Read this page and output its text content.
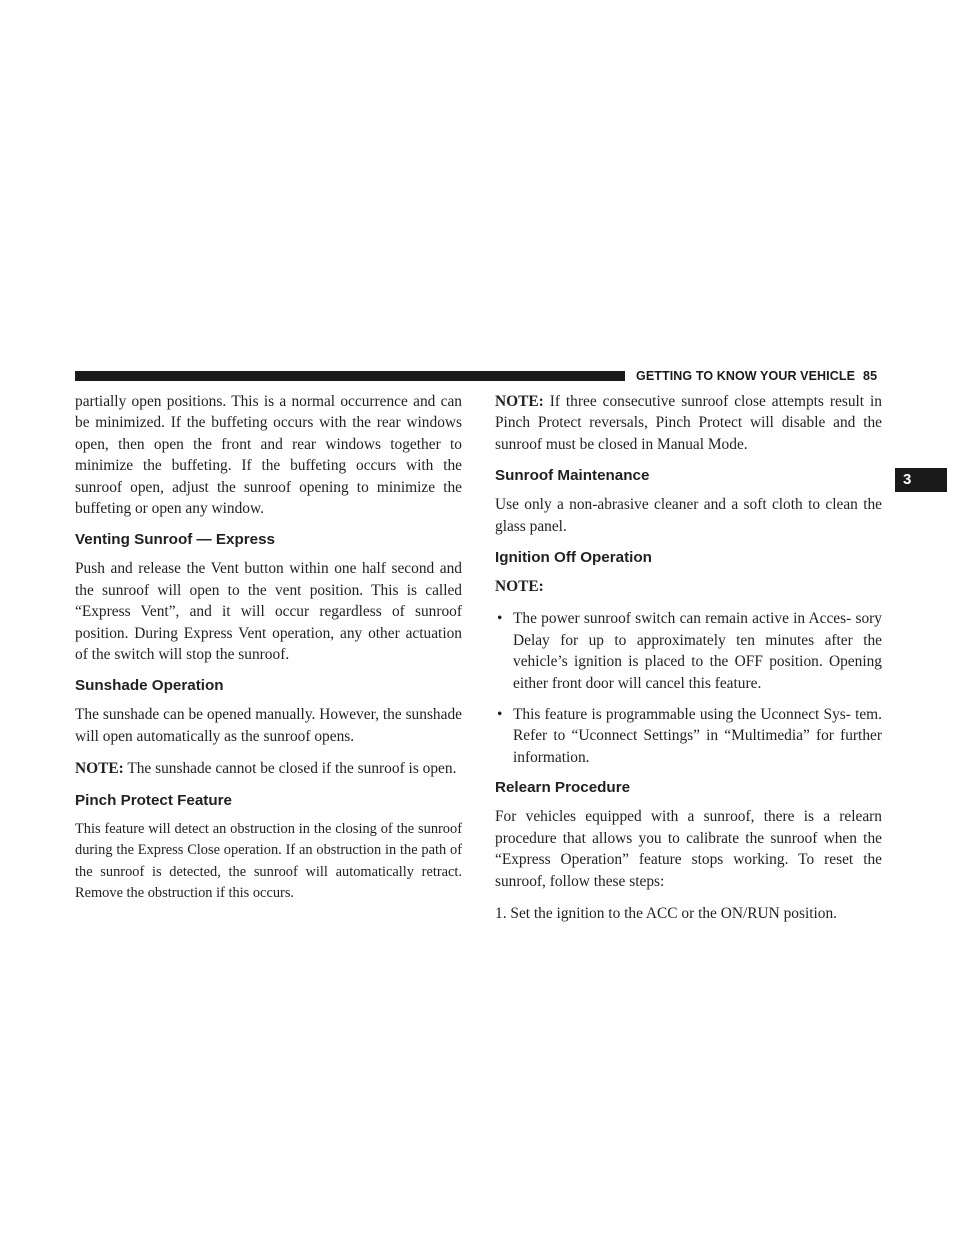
GETTING TO KNOW YOUR VEHICLE 85
3

partially open positions. This is a normal occurrence and can be minimized. If the buffeting occurs with the rear windows open, then open the front and rear windows together to minimize the buffeting. If the buffeting occurs with the sunroof open, adjust the sunroof opening to minimize the buffeting or open any window.

Venting Sunroof — Express

Push and release the Vent button within one half second and the sunroof will open to the vent position. This is called “Express Vent”, and it will occur regardless of sunroof position. During Express Vent operation, any other actuation of the switch will stop the sunroof.

Sunshade Operation

The sunshade can be opened manually. However, the sunshade will open automatically as the sunroof opens.

NOTE: The sunshade cannot be closed if the sunroof is open.

Pinch Protect Feature

This feature will detect an obstruction in the closing of the sunroof during the Express Close operation. If an obstruction in the path of the sunroof is detected, the sunroof will automatically retract. Remove the obstruction if this occurs.

NOTE: If three consecutive sunroof close attempts result in Pinch Protect reversals, Pinch Protect will disable and the sunroof must be closed in Manual Mode.

Sunroof Maintenance

Use only a non-abrasive cleaner and a soft cloth to clean the glass panel.

Ignition Off Operation

NOTE:

• The power sunroof switch can remain active in Acces- sory Delay for up to approximately ten minutes after the vehicle’s ignition is placed to the OFF position. Opening either front door will cancel this feature.
• This feature is programmable using the Uconnect Sys- tem. Refer to “Uconnect Settings” in “Multimedia” for further information.
Relearn Procedure

For vehicles equipped with a sunroof, there is a relearn procedure that allows you to calibrate the sunroof when the “Express Operation” feature stops working. To reset the sunroof, follow these steps:

1. Set the ignition to the ACC or the ON/RUN position.
